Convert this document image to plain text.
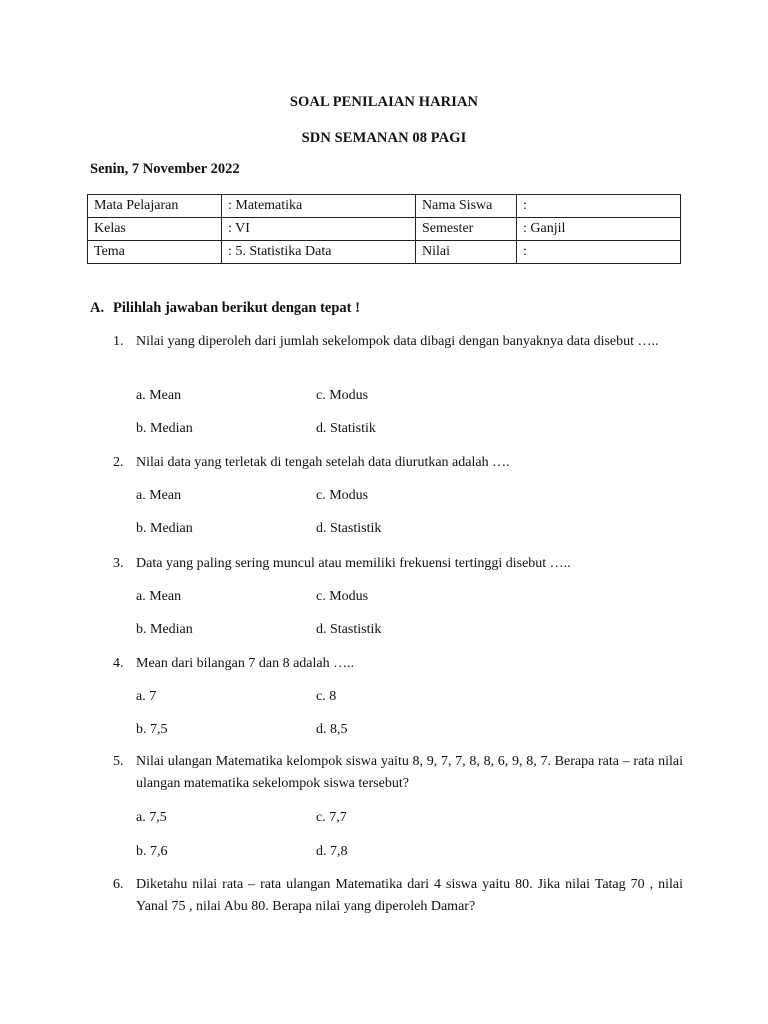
SOAL PENILAIAN HARIAN
SDN SEMANAN 08 PAGI
Senin, 7 November 2022
Mata Pelajaran	: Matematika	Nama Siswa	:
Kelas	: VI	Semester	: Ganjil
Tema	: 5. Statistika Data	Nilai	:
A. Pilihlah jawaban berikut dengan tepat !
1. Nilai yang diperoleh dari jumlah sekelompok data dibagi dengan banyaknya data disebut …..
a. Mean	c. Modus
b. Median	d. Statistik
2. Nilai data yang terletak di tengah setelah data diurutkan adalah ….
a. Mean	c. Modus
b. Median	d. Stastistik
3. Data yang paling sering muncul atau memiliki frekuensi tertinggi disebut …..
a. Mean	c. Modus
b. Median	d. Stastistik
4. Mean dari bilangan 7 dan 8 adalah …..
a. 7	c. 8
b. 7,5	d. 8,5
5. Nilai ulangan Matematika kelompok siswa yaitu 8, 9, 7, 7, 8, 8, 6, 9, 8, 7. Berapa rata – rata nilai ulangan matematika sekelompok siswa tersebut?
a. 7,5	c. 7,7
b. 7,6	d. 7,8
6. Diketahu nilai rata – rata ulangan Matematika dari 4 siswa yaitu 80. Jika nilai Tatag 70 , nilai Yanal 75 , nilai Abu 80. Berapa nilai yang diperoleh Damar?
